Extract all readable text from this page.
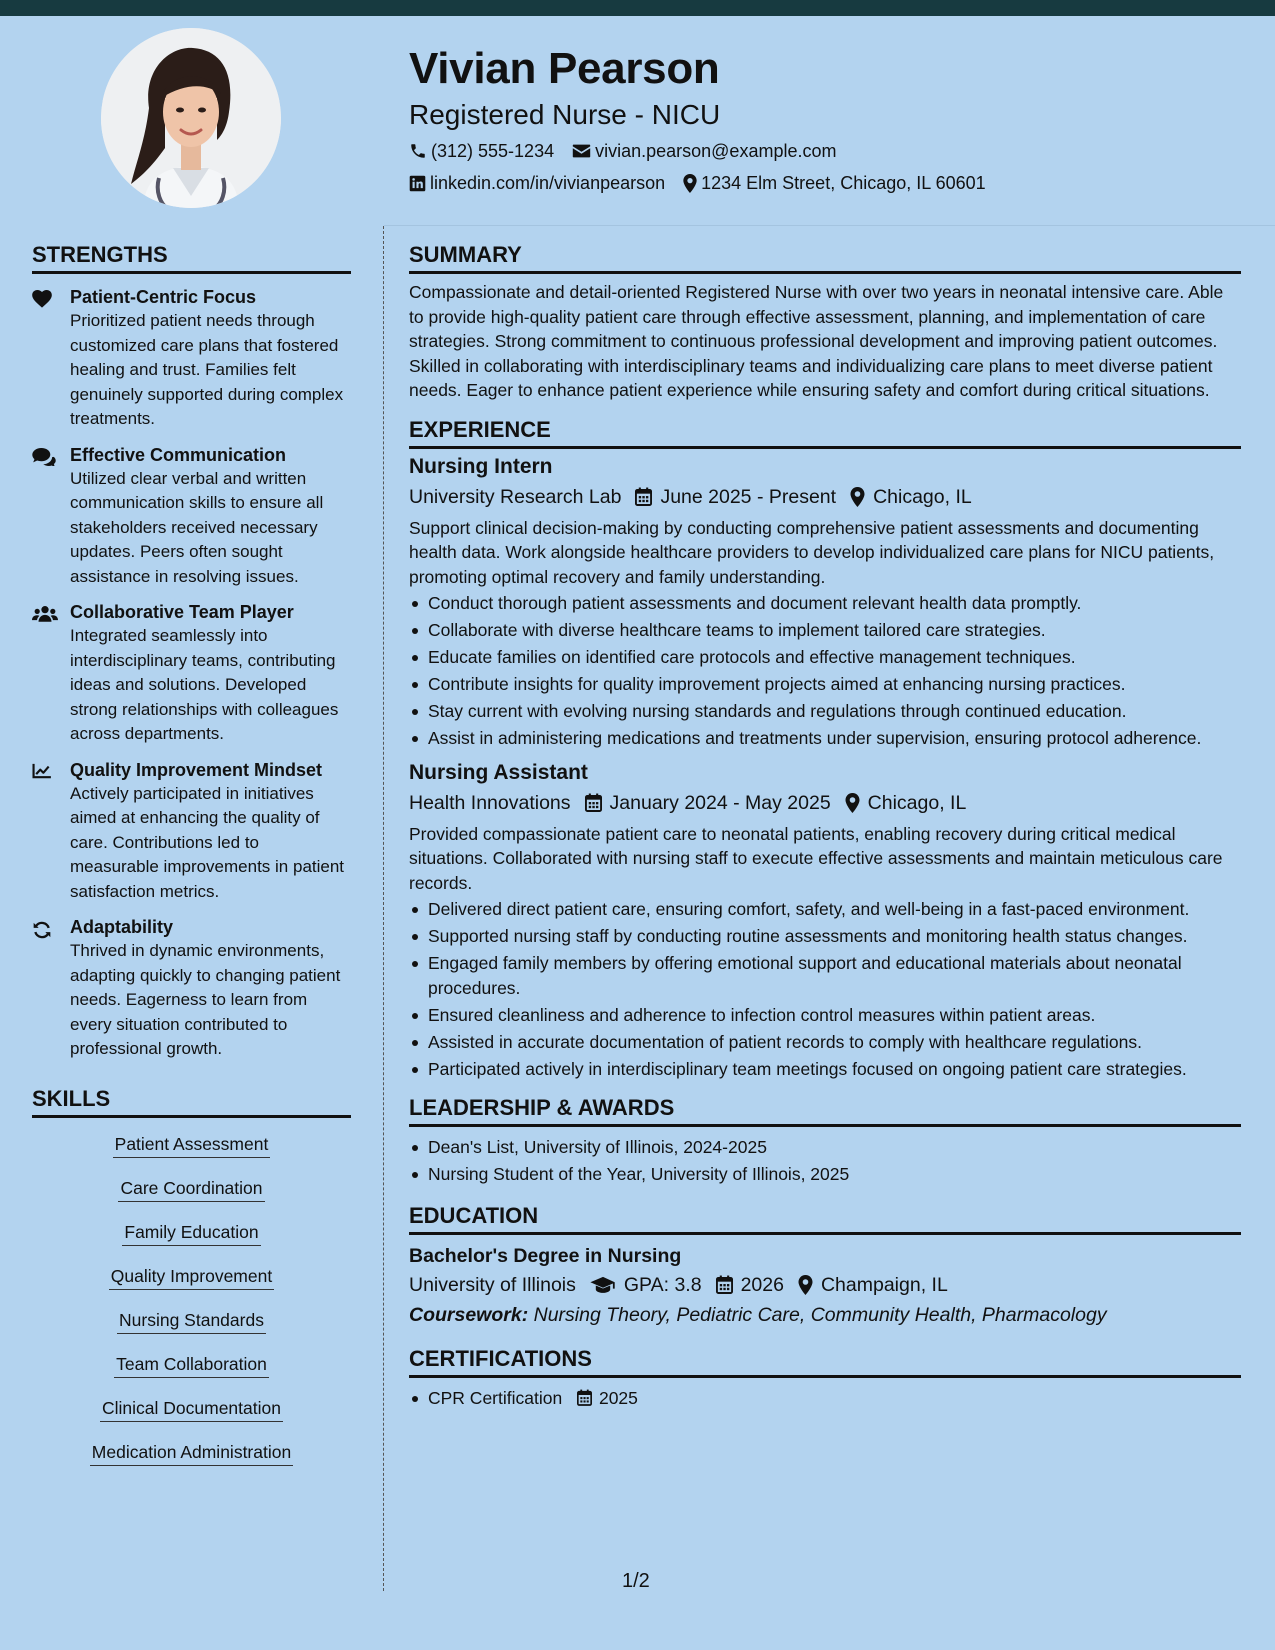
Vivian Pearson
Registered Nurse - NICU
(312) 555-1234 vivian.pearson@example.com
linkedin.com/in/vivianpearson 1234 Elm Street, Chicago, IL 60601
STRENGTHS
Patient-Centric Focus
Prioritized patient needs through customized care plans that fostered healing and trust. Families felt genuinely supported during complex treatments.
Effective Communication
Utilized clear verbal and written communication skills to ensure all stakeholders received necessary updates. Peers often sought assistance in resolving issues.
Collaborative Team Player
Integrated seamlessly into interdisciplinary teams, contributing ideas and solutions. Developed strong relationships with colleagues across departments.
Quality Improvement Mindset
Actively participated in initiatives aimed at enhancing the quality of care. Contributions led to measurable improvements in patient satisfaction metrics.
Adaptability
Thrived in dynamic environments, adapting quickly to changing patient needs. Eagerness to learn from every situation contributed to professional growth.
SKILLS
Patient Assessment
Care Coordination
Family Education
Quality Improvement
Nursing Standards
Team Collaboration
Clinical Documentation
Medication Administration
SUMMARY
Compassionate and detail-oriented Registered Nurse with over two years in neonatal intensive care. Able to provide high-quality patient care through effective assessment, planning, and implementation of care strategies. Strong commitment to continuous professional development and improving patient outcomes. Skilled in collaborating with interdisciplinary teams and individualizing care plans to meet diverse patient needs. Eager to enhance patient experience while ensuring safety and comfort during critical situations.
EXPERIENCE
Nursing Intern
University Research Lab June 2025 - Present Chicago, IL
Support clinical decision-making by conducting comprehensive patient assessments and documenting health data. Work alongside healthcare providers to develop individualized care plans for NICU patients, promoting optimal recovery and family understanding.
Conduct thorough patient assessments and document relevant health data promptly.
Collaborate with diverse healthcare teams to implement tailored care strategies.
Educate families on identified care protocols and effective management techniques.
Contribute insights for quality improvement projects aimed at enhancing nursing practices.
Stay current with evolving nursing standards and regulations through continued education.
Assist in administering medications and treatments under supervision, ensuring protocol adherence.
Nursing Assistant
Health Innovations January 2024 - May 2025 Chicago, IL
Provided compassionate patient care to neonatal patients, enabling recovery during critical medical situations. Collaborated with nursing staff to execute effective assessments and maintain meticulous care records.
Delivered direct patient care, ensuring comfort, safety, and well-being in a fast-paced environment.
Supported nursing staff by conducting routine assessments and monitoring health status changes.
Engaged family members by offering emotional support and educational materials about neonatal procedures.
Ensured cleanliness and adherence to infection control measures within patient areas.
Assisted in accurate documentation of patient records to comply with healthcare regulations.
Participated actively in interdisciplinary team meetings focused on ongoing patient care strategies.
LEADERSHIP & AWARDS
Dean's List, University of Illinois, 2024-2025
Nursing Student of the Year, University of Illinois, 2025
EDUCATION
Bachelor's Degree in Nursing
University of Illinois GPA: 3.8 2026 Champaign, IL
Coursework: Nursing Theory, Pediatric Care, Community Health, Pharmacology
CERTIFICATIONS
CPR Certification 2025
1/2
